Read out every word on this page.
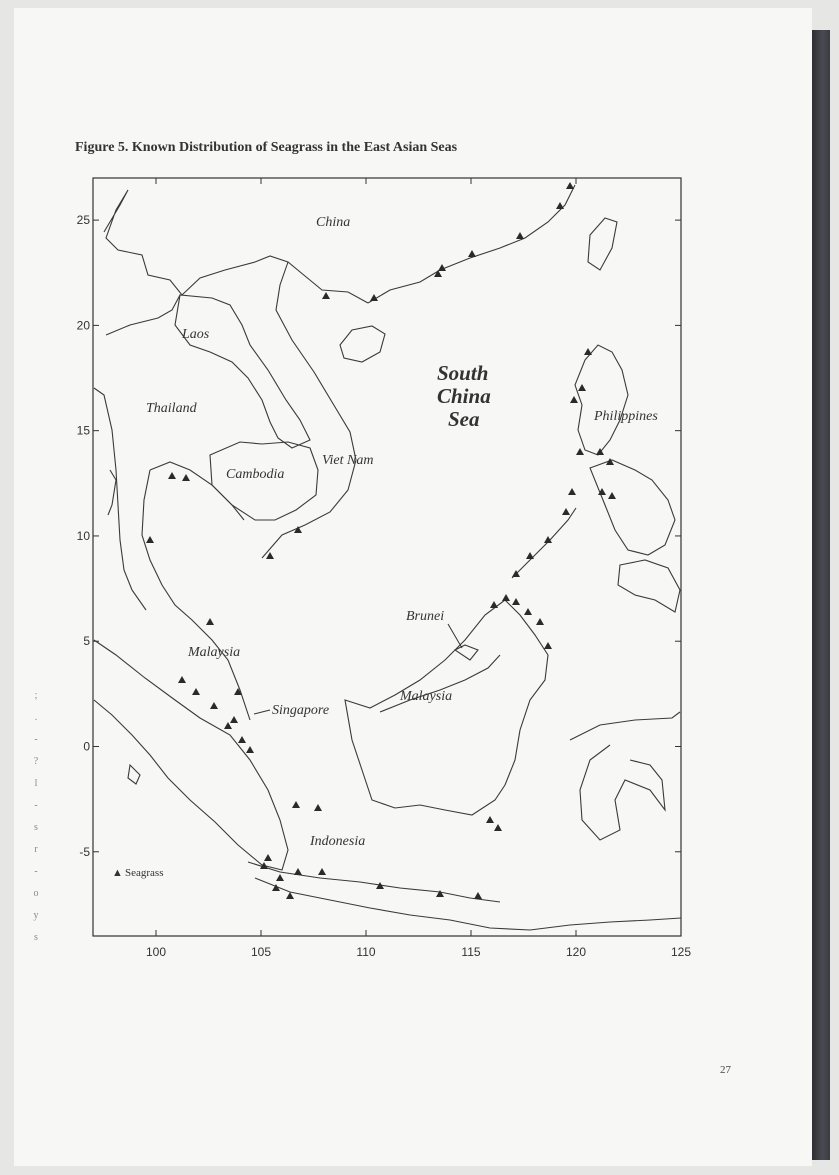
Figure 5. Known Distribution of Seagrass in the East Asian Seas
100	105	110	115	120	125
25
20
15
10
5
0
-5
China
Laos
Thailand
Cambodia
Viet Nam
Philippines
Brunei
Malaysia
Malaysia
Singapore
Indonesia
South
China
Sea
▲ Seagrass
;
.
-
?
l
-
s
r
-
o
y
s
27
